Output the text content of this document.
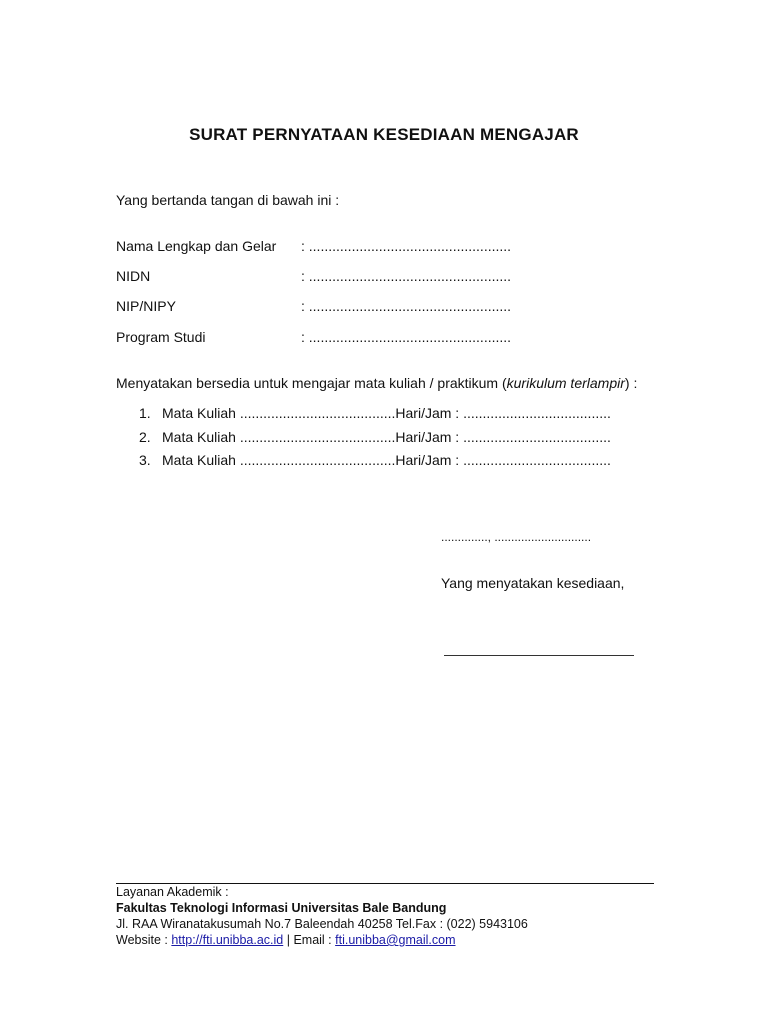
SURAT PERNYATAAN KESEDIAAN MENGAJAR
Yang bertanda tangan di bawah ini :
Nama Lengkap dan Gelar : ....................................................
NIDN	: ....................................................
NIP/NIPY	: ....................................................
Program Studi	: ....................................................
Menyatakan bersedia untuk mengajar mata kuliah / praktikum (kurikulum terlampir) :
1. Mata Kuliah ........................................Hari/Jam : ......................................
2. Mata Kuliah ........................................Hari/Jam : ......................................
3. Mata Kuliah ........................................Hari/Jam : ......................................
.............., .............................
Yang menyatakan kesediaan,
Layanan Akademik :
Fakultas Teknologi Informasi Universitas Bale Bandung
Jl. RAA Wiranatakusumah No.7 Baleendah 40258 Tel.Fax : (022) 5943106
Website : http://fti.unibba.ac.id | Email : fti.unibba@gmail.com
